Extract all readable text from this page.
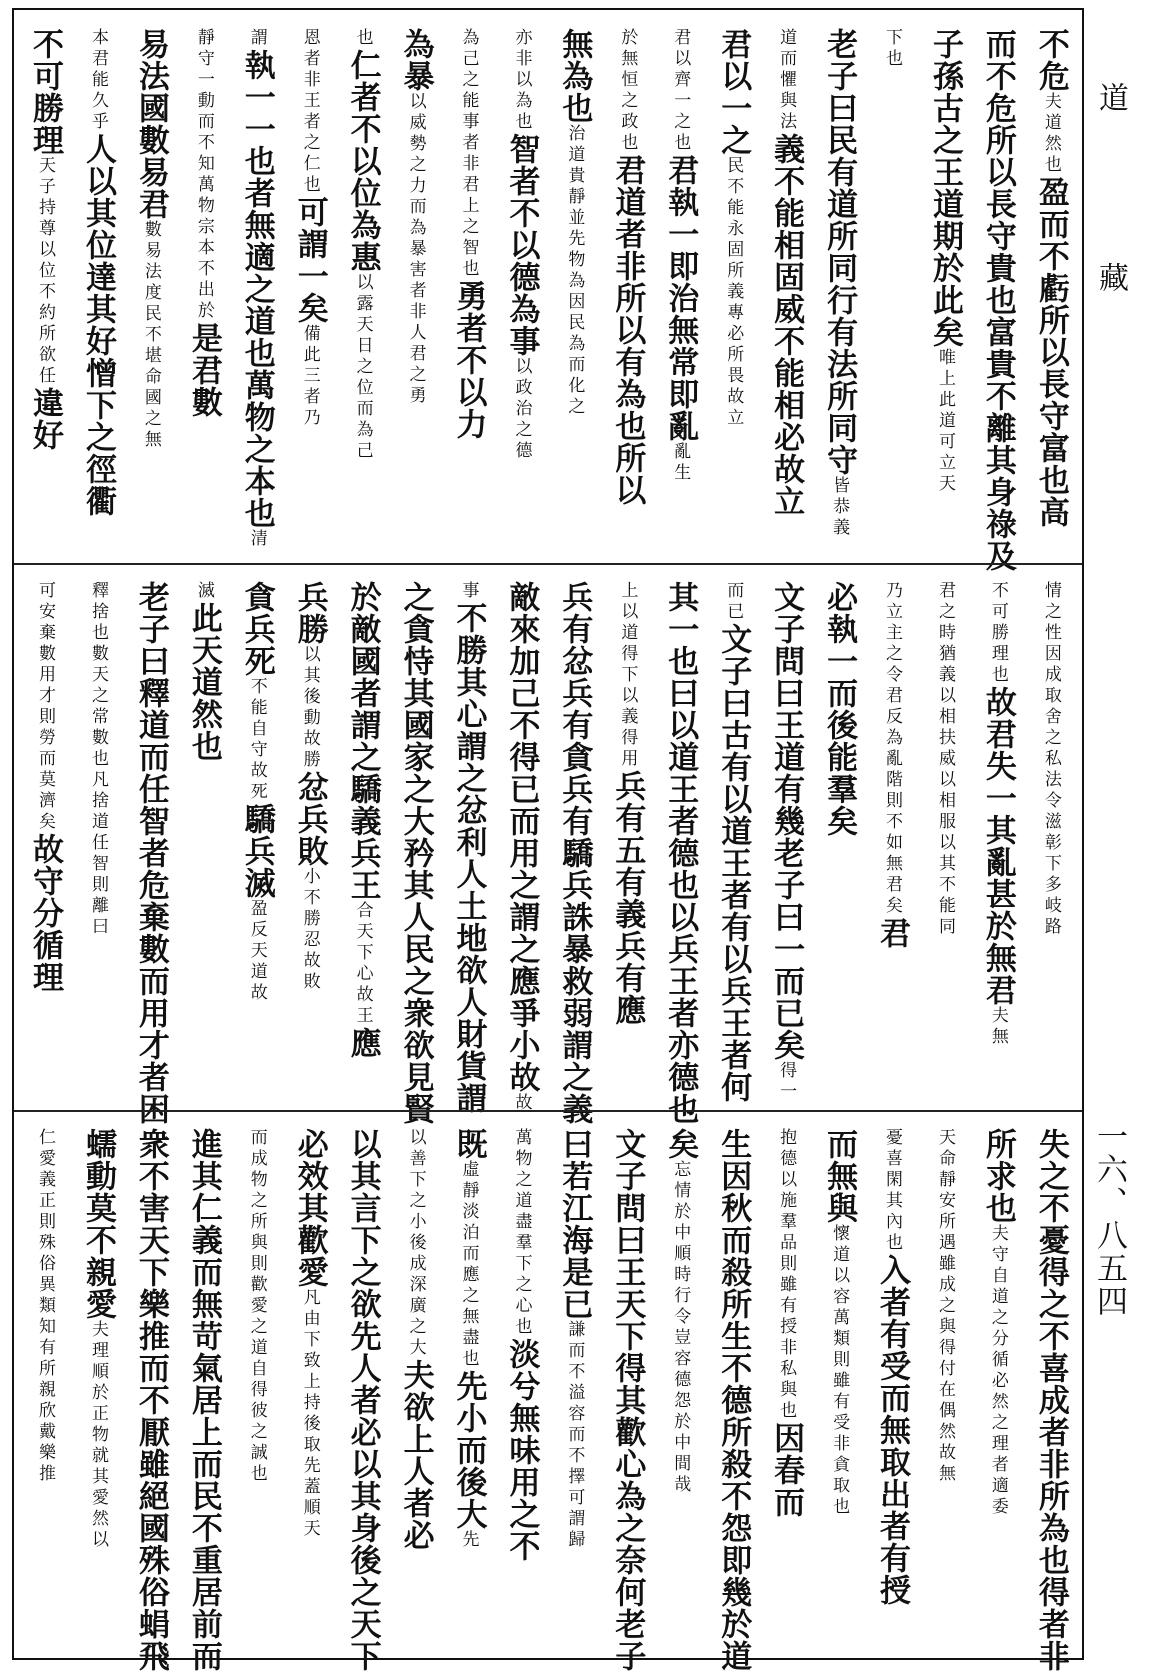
不危夫道然也盈而不虧所以長守富也高
而不危所以長守貴也富貴不離其身祿及
子孫古之王道期於此矣唯上此道可立天
下也
老子曰民有道所同行有法所同守皆恭義
道而懼與法義不能相固威不能相必故立
君以一之民不能永固所義專必所畏故立
君以齊一之也君執一即治無常即亂亂生
於無恒之政也君道者非所以有為也所以
無為也治道貴靜並先物為因民為而化之
亦非以為也智者不以德為事以政治之德
為己之能事者非君上之智也勇者不以力
為暴以威勢之力而為暴害者非人君之勇
也仁者不以位為惠以露天日之位而為己
恩者非王者之仁也可謂一矣備此三者乃
謂執一一也者無適之道也萬物之本也清
靜守一動而不知萬物宗本不出於是君數
易法國數易君數易法度民不堪命國之無
本君能久乎人以其位達其好憎下之徑衢
不可勝理天子持尊以位不約所欲任違好
情之性因成取舍之私法令滋彰下多岐路
不可勝理也故君失一其亂甚於無君夫無
君之時猶義以相扶威以相服以其不能同
乃立主之令君反為亂階則不如無君矣君
必執一而後能羣矣
文子問曰王道有幾老子曰一而已矣得一
而已文子曰古有以道王者有以兵王者何
其一也曰以道王者德也以兵王者亦德也
上以道得下以義得用兵有五有義兵有應
兵有忿兵有貪兵有驕兵誅暴救弱謂之義
敵來加己不得已而用之謂之應爭小故故
事不勝其心謂之忿利人土地欲人財貨謂
之貪恃其國家之大矜其人民之衆欲見賢
於敵國者謂之驕義兵王合天下心故王應
兵勝以其後動故勝忿兵敗小不勝忍故敗
貪兵死不能自守故死驕兵滅盈反天道故
滅此天道然也
老子曰釋道而任智者危棄數而用才者困
釋捨也數天之常數也凡捨道任智則離曰
可安棄數用才則勞而莫濟矣故守分循理
失之不憂得之不喜成者非所為也得者非
所求也夫守自道之分循必然之理者適委
天命靜安所遇雖成之與得付在偶然故無
憂喜閑其內也入者有受而無取出者有授
而無與懷道以容萬類則雖有受非貪取也
抱德以施羣品則雖有授非私與也因春而
生因秋而殺所生不德所殺不怨即幾於道
矣忘情於中順時行令豈容德怨於中間哉
文子問曰王天下得其歡心為之奈何老子
曰若江海是已謙而不溢容而不擇可謂歸
萬物之道盡羣下之心也淡兮無味用之不
既虛靜淡泊而應之無盡也先小而後大先
以善下之小後成深廣之大夫欲上人者必
以其言下之欲先人者必以其身後之天下
必效其歡愛凡由下致上持後取先蓋順天
而成物之所與則歡愛之道自得彼之誠也
進其仁義而無苛氣居上而民不重居前而
衆不害天下樂推而不厭雖絕國殊俗蜎飛
蠕動莫不親愛夫理順於正物就其愛然以
仁愛義正則殊俗異類知有所親欣戴樂推
道藏
一六、八五四
